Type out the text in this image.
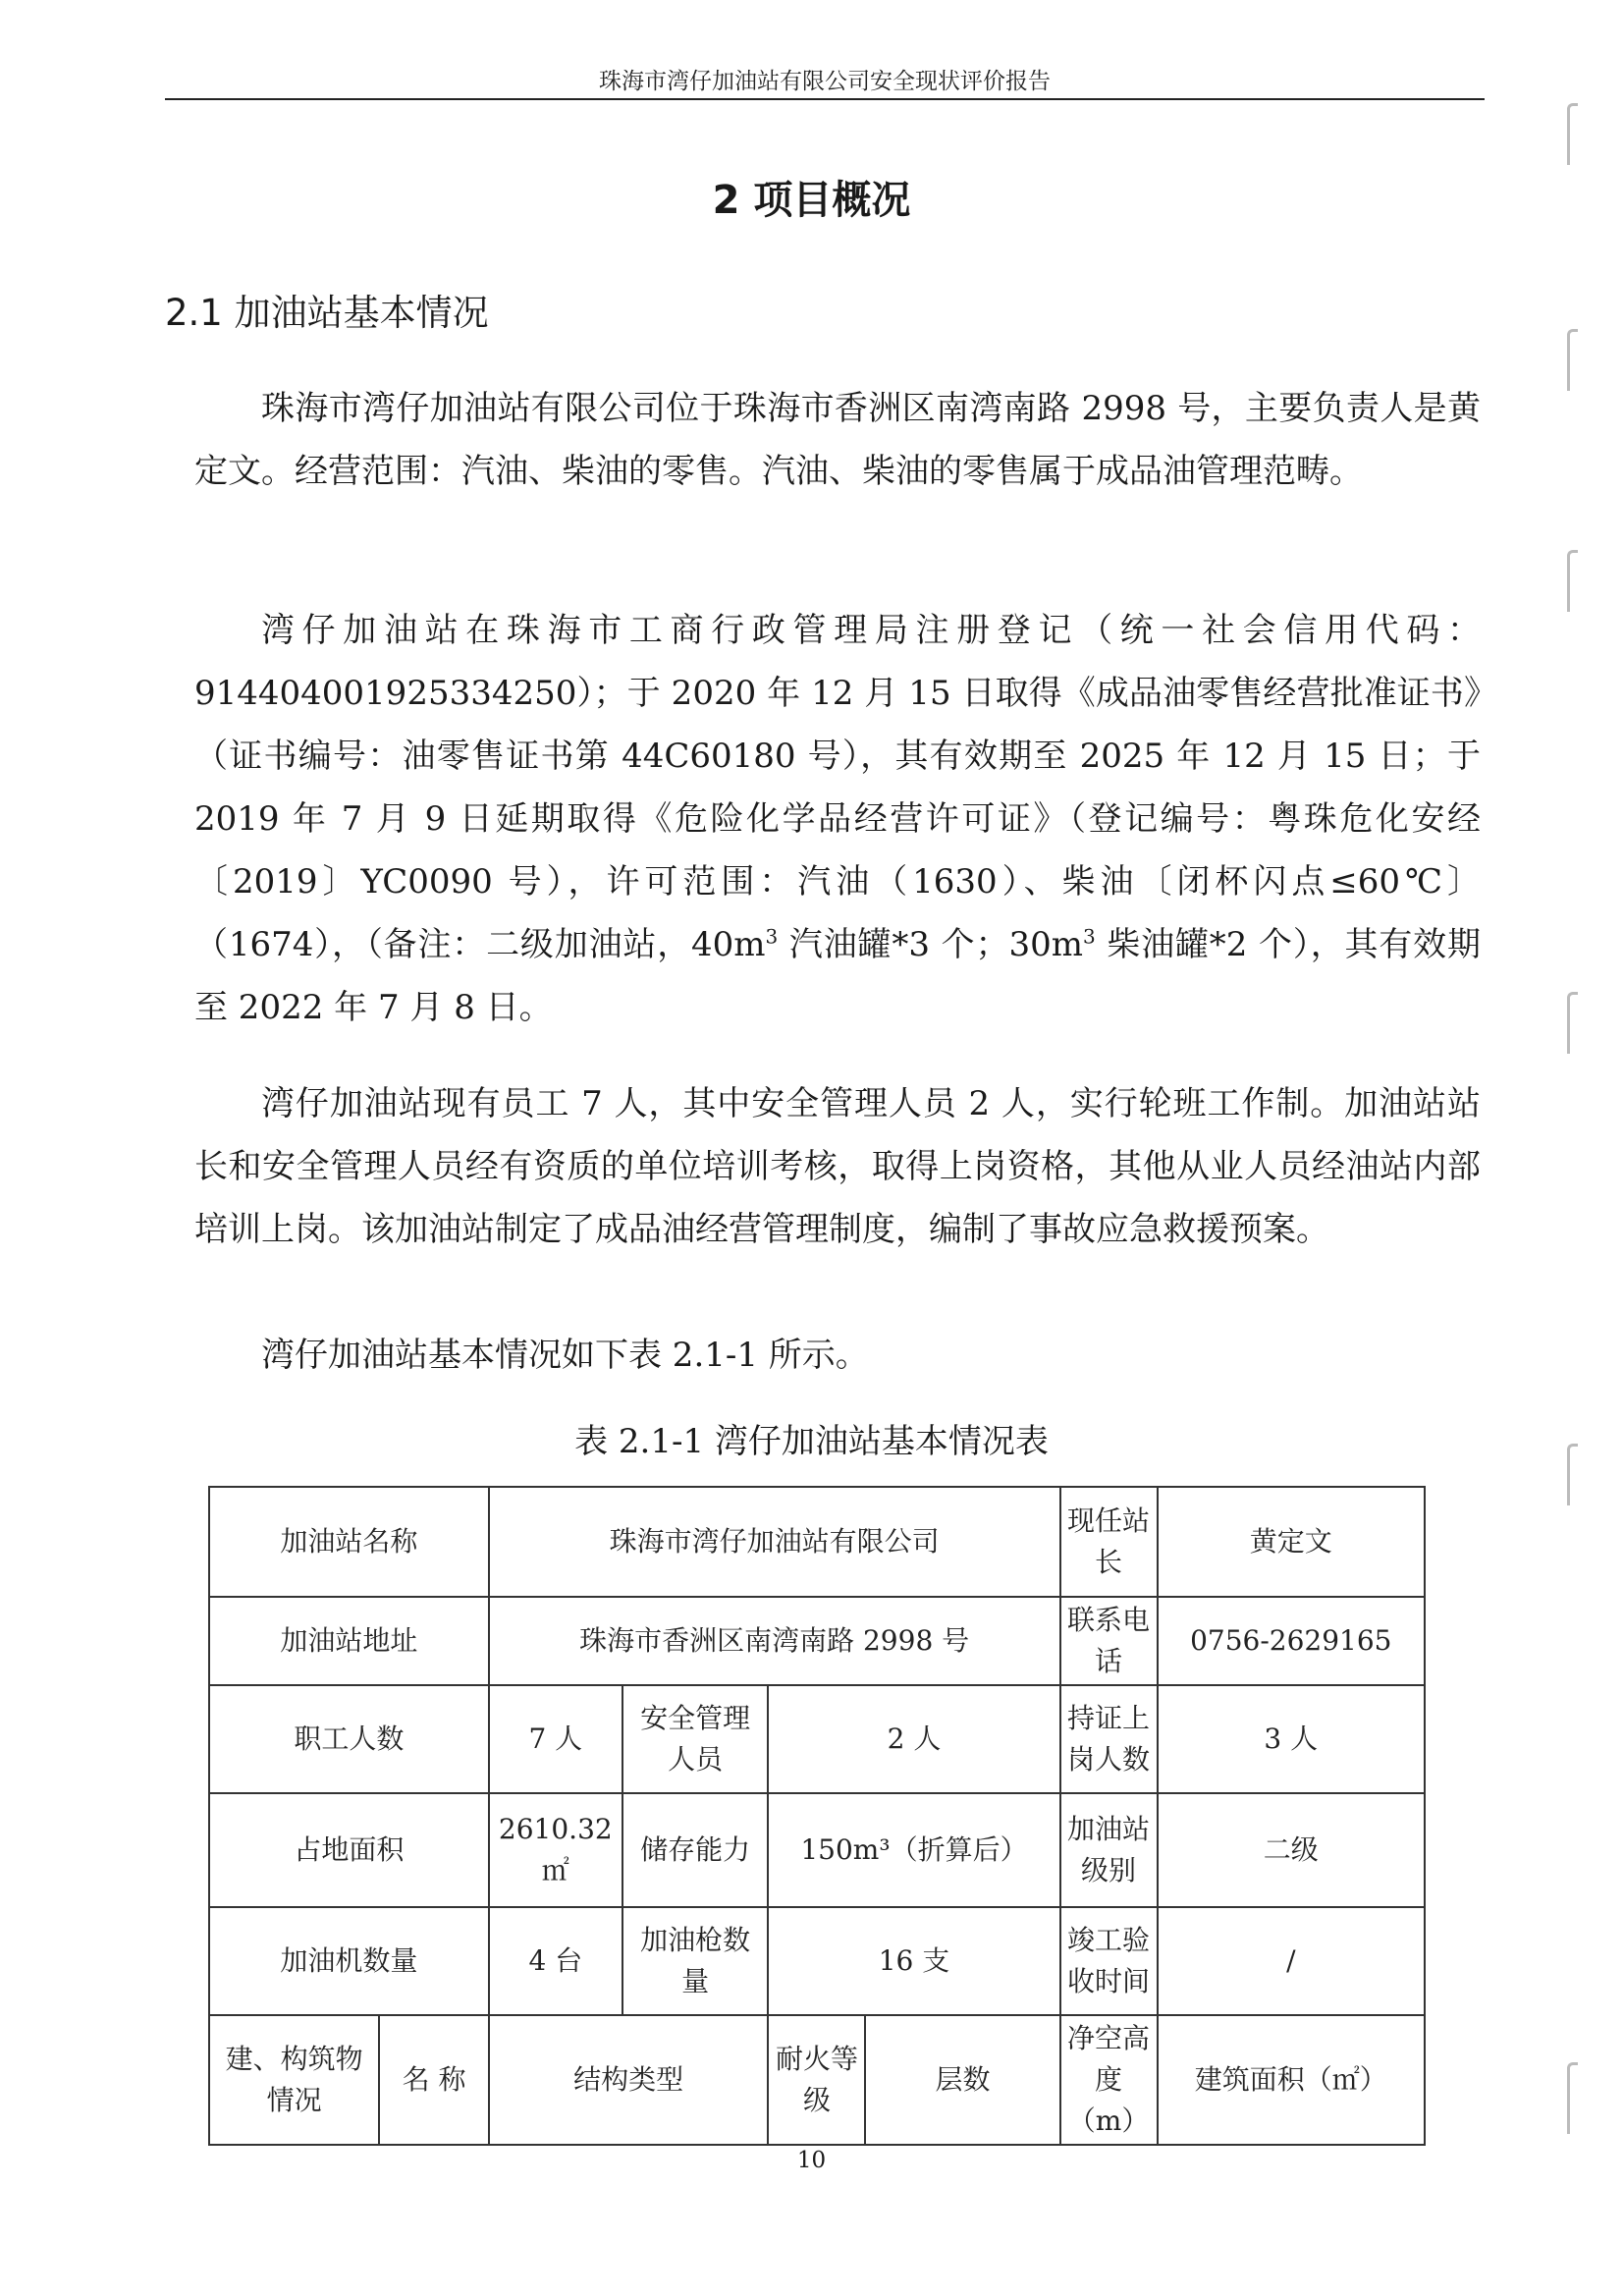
珠海市湾仔加油站有限公司安全现状评价报告
2 项目概况
2.1 加油站基本情况
珠海市湾仔加油站有限公司位于珠海市香洲区南湾南路 2998 号，主要负责人是黄定文。经营范围：汽油、柴油的零售。汽油、柴油的零售属于成品油管理范畴。
湾仔加油站在珠海市工商行政管理局注册登记（统一社会信用代码：914404001925334250）；于 2020 年 12 月 15 日取得《成品油零售经营批准证书》（证书编号：油零售证书第 44C60180 号），其有效期至 2025 年 12 月 15 日；于 2019 年 7 月 9 日延期取得《危险化学品经营许可证》（登记编号：粤珠危化安经〔2019〕YC0090 号），许可范围：汽油（1630）、柴油〔闭杯闪点≤60℃〕（1674），（备注：二级加油站，$40m^3$ 汽油罐*3 个；$30m^3$ 柴油罐*2 个），其有效期至 2022 年 7 月 8 日。
湾仔加油站现有员工 7 人，其中安全管理人员 2 人，实行轮班工作制。加油站站长和安全管理人员经有资质的单位培训考核，取得上岗资格，其他从业人员经油站内部培训上岗。该加油站制定了成品油经营管理制度，编制了事故应急救援预案。
湾仔加油站基本情况如下表 2.1-1 所示。
表 2.1-1 湾仔加油站基本情况表
加油站名称		珠海市湾仔加油站有限公司				现任站长	黄定文
加油站地址		珠海市香洲区南湾南路 2998 号				联系电话	0756-2629165
职工人数		7 人	安全管理人员	2 人		持证上岗人数	3 人
占地面积		2610.32 ㎡	储存能力	150m³（折算后）		加油站级别	二级
加油机数量		4 台	加油枪数量	16 支		竣工验收时间	/
建、构筑物情况	名 称	结构类型		耐火等级	层数	净空高度（m）	建筑面积（㎡）
10
